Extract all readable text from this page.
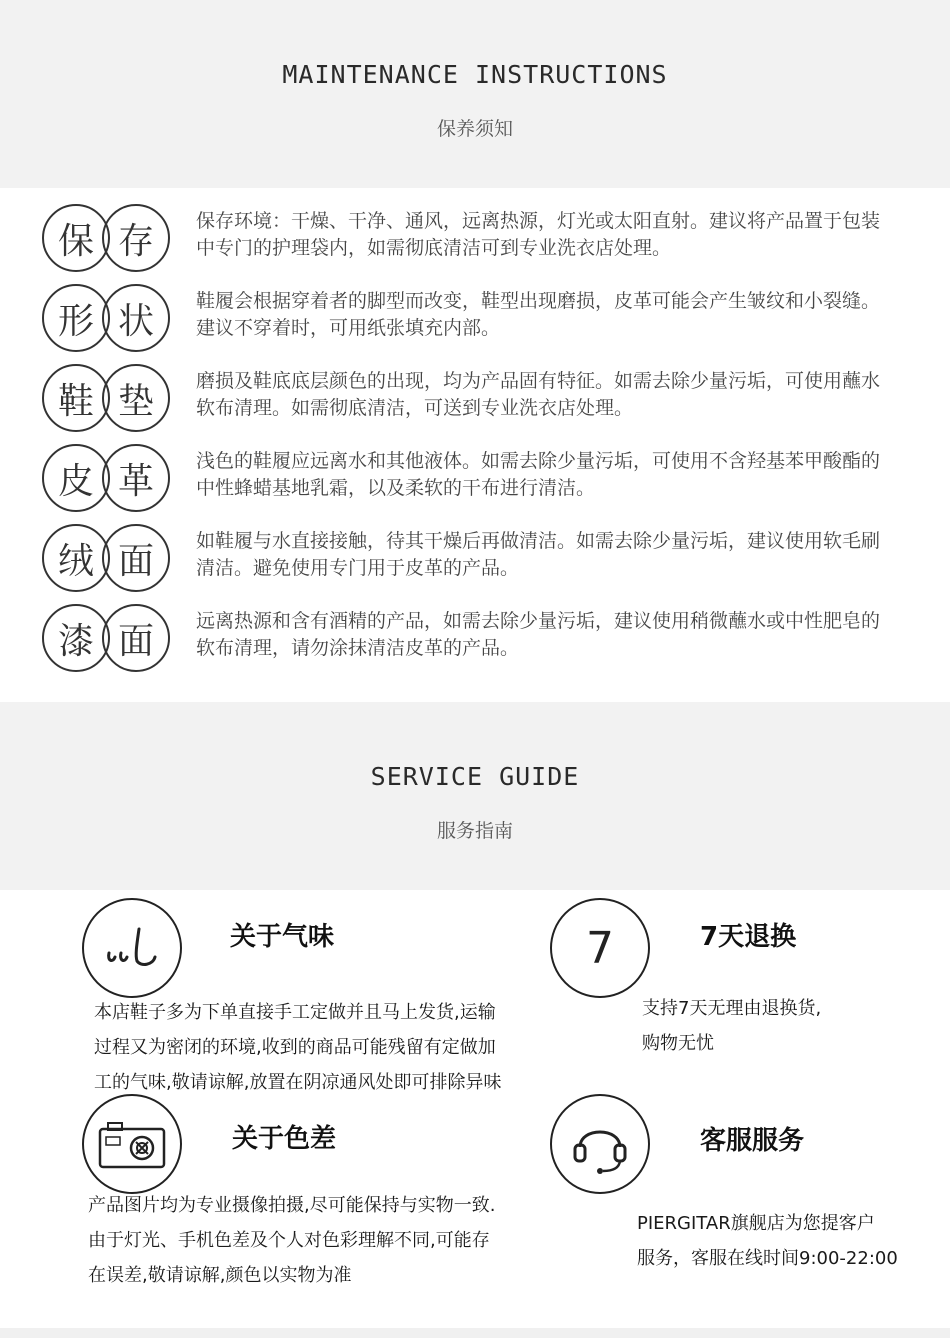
MAINTENANCE INSTRUCTIONS
保养须知
保 存	保存环境：干燥、干净、通风，远离热源，灯光或太阳直射。建议将产品置于包装中专门的护理袋内，如需彻底清洁可到专业洗衣店处理。
形 状	鞋履会根据穿着者的脚型而改变，鞋型出现磨损，皮革可能会产生皱纹和小裂缝。建议不穿着时，可用纸张填充内部。
鞋 垫	磨损及鞋底底层颜色的出现，均为产品固有特征。如需去除少量污垢，可使用蘸水软布清理。如需彻底清洁，可送到专业洗衣店处理。
皮 革	浅色的鞋履应远离水和其他液体。如需去除少量污垢，可使用不含羟基苯甲酸酯的中性蜂蜡基地乳霜，以及柔软的干布进行清洁。
绒 面	如鞋履与水直接接触，待其干燥后再做清洁。如需去除少量污垢，建议使用软毛刷清洁。避免使用专门用于皮革的产品。
漆 面	远离热源和含有酒精的产品，如需去除少量污垢，建议使用稍微蘸水或中性肥皂的软布清理，请勿涂抹清洁皮革的产品。
SERVICE GUIDE
服务指南
关于气味
本店鞋子多为下单直接手工定做并且马上发货,运输
过程又为密闭的环境,收到的商品可能残留有定做加
工的气味,敬请谅解,放置在阴凉通风处即可排除异味
7	7天退换
支持7天无理由退换货,
购物无忧
关于色差
产品图片均为专业摄像拍摄,尽可能保持与实物一致.
由于灯光、手机色差及个人对色彩理解不同,可能存
在误差,敬请谅解,颜色以实物为准
客服服务
PIERGITAR旗舰店为您提客户
服务，客服在线时间9:00-22:00
